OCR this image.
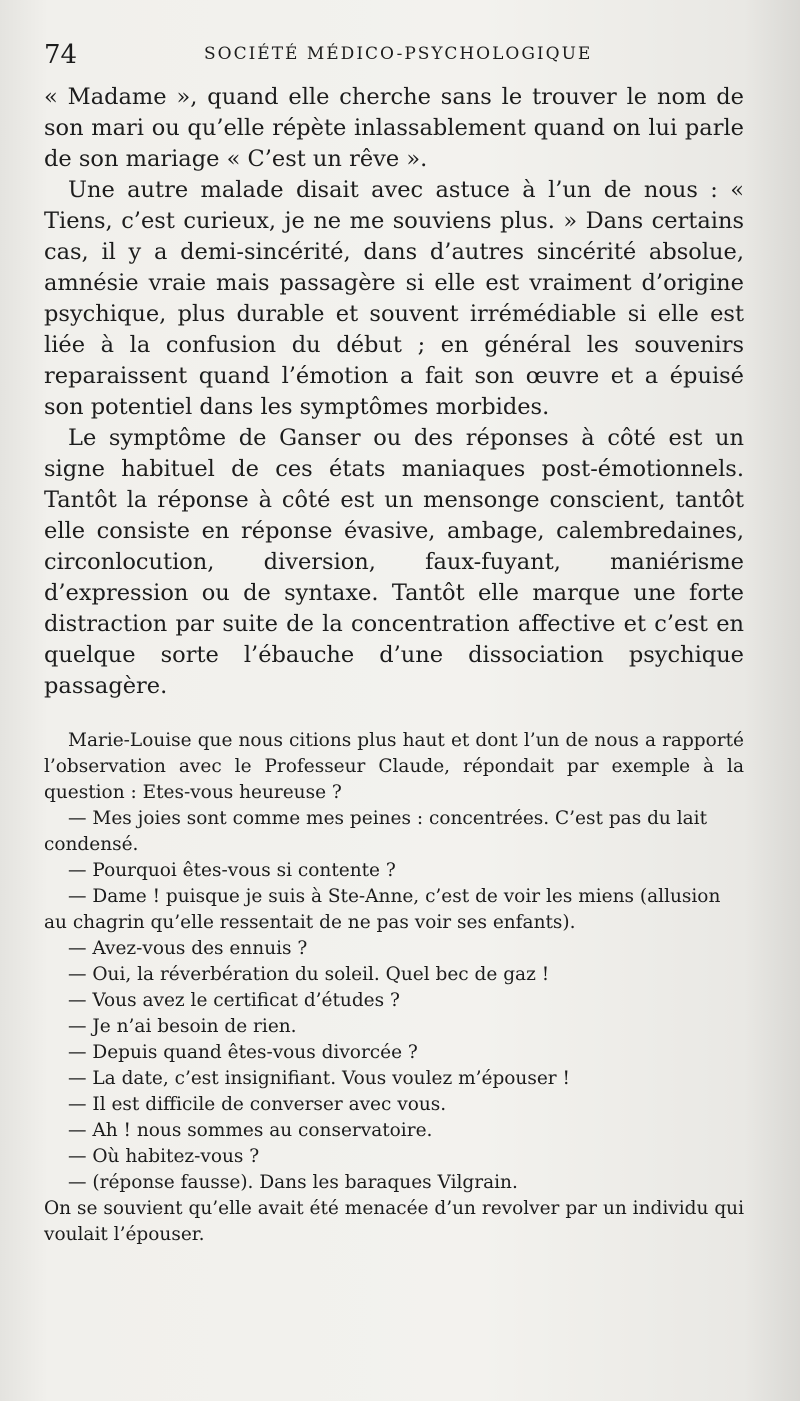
74	SOCIÉTÉ MÉDICO-PSYCHOLOGIQUE

« Madame », quand elle cherche sans le trouver le nom de son mari ou qu’elle répète inlassablement quand on lui parle de son mariage « C’est un rêve ».

Une autre malade disait avec astuce à l’un de nous : « Tiens, c’est curieux, je ne me souviens plus. » Dans certains cas, il y a demi-sincérité, dans d’autres sincérité absolue, amnésie vraie mais passagère si elle est vraiment d’origine psychique, plus durable et souvent irrémédiable si elle est liée à la confusion du début ; en général les souvenirs reparaissent quand l’émotion a fait son œuvre et a épuisé son potentiel dans les symptômes morbides.

Le symptôme de Ganser ou des réponses à côté est un signe habituel de ces états maniaques post-émotionnels. Tantôt la réponse à côté est un mensonge conscient, tantôt elle consiste en réponse évasive, ambage, calembredaines, circonlocution, diversion, faux-fuyant, maniérisme d’expression ou de syntaxe. Tantôt elle marque une forte distraction par suite de la concentration affective et c’est en quelque sorte l’ébauche d’une dissociation psychique passagère.

Marie-Louise que nous citions plus haut et dont l’un de nous a rapporté l’observation avec le Professeur Claude, répondait par exemple à la question : Etes-vous heureuse ?

— Mes joies sont comme mes peines : concentrées. C’est pas du lait condensé.

— Pourquoi êtes-vous si contente ?

— Dame ! puisque je suis à Ste-Anne, c’est de voir les miens (allusion au chagrin qu’elle ressentait de ne pas voir ses enfants).

— Avez-vous des ennuis ?

— Oui, la réverbération du soleil. Quel bec de gaz !

— Vous avez le certificat d’études ?

— Je n’ai besoin de rien.

— Depuis quand êtes-vous divorcée ?

— La date, c’est insignifiant. Vous voulez m’épouser !

— Il est difficile de converser avec vous.

— Ah ! nous sommes au conservatoire.

— Où habitez-vous ?

— (réponse fausse). Dans les baraques Vilgrain.

On se souvient qu’elle avait été menacée d’un revolver par un individu qui voulait l’épouser.
